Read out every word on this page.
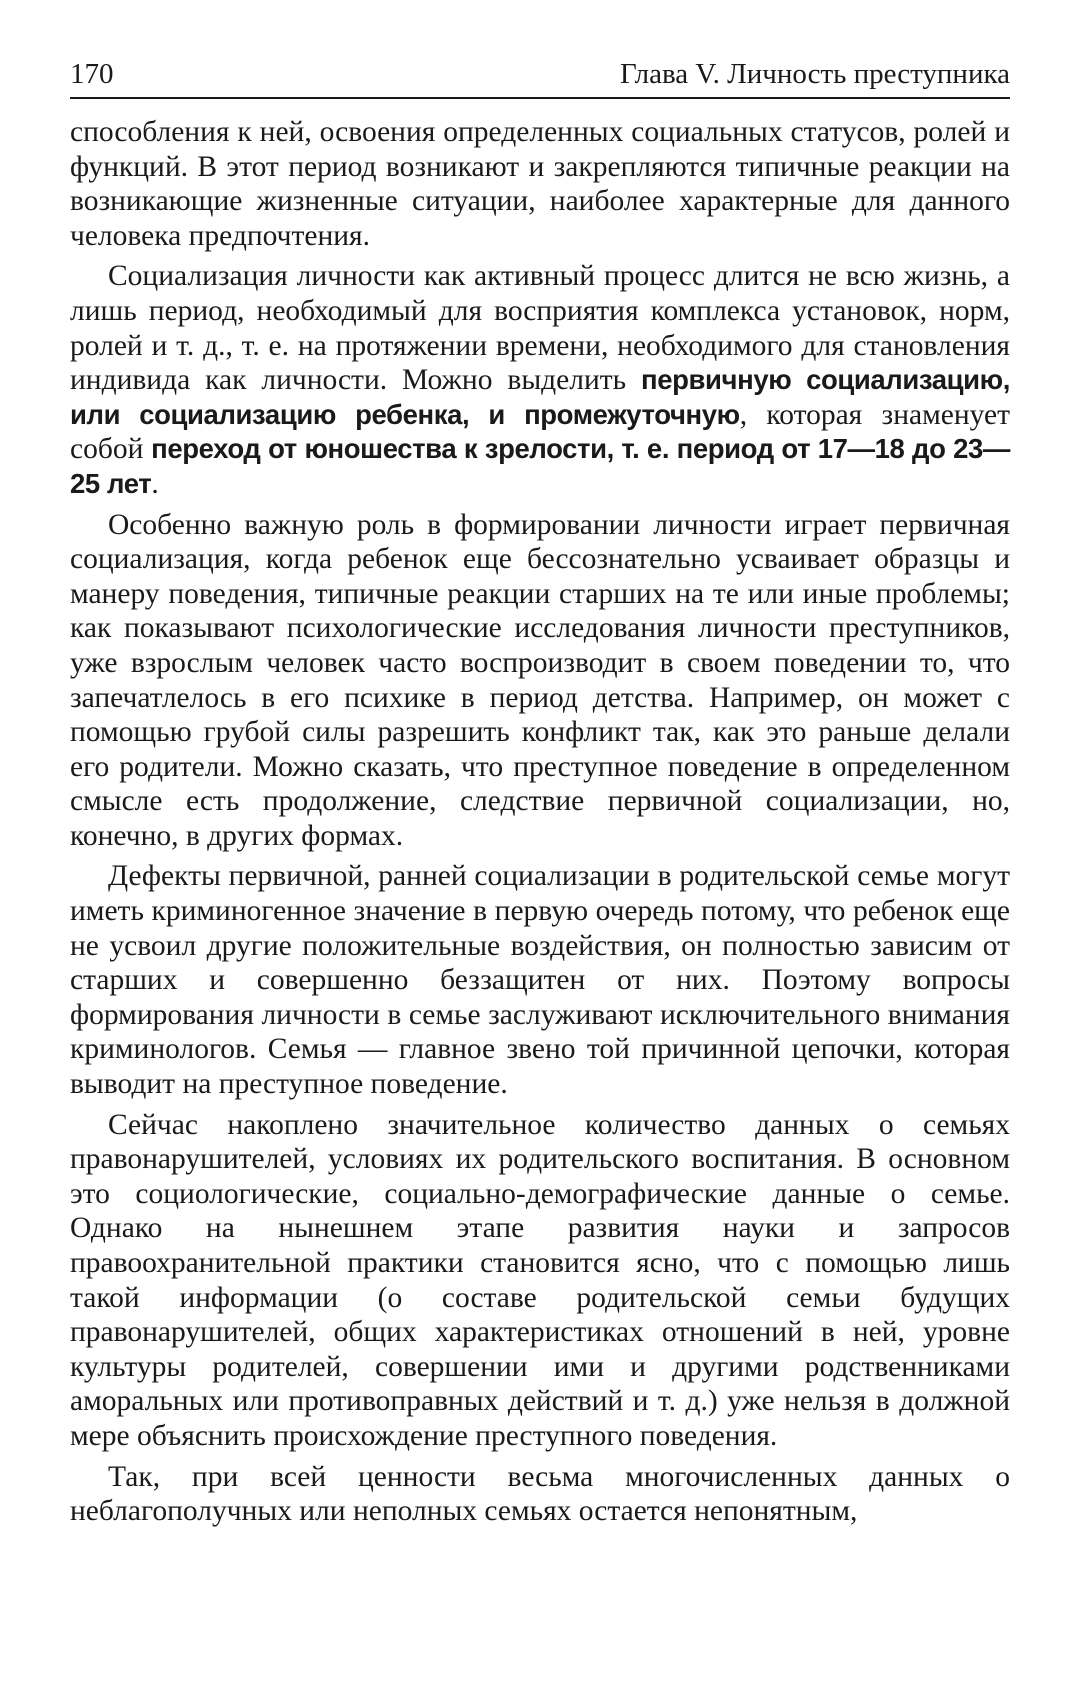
170	Глава V. Личность преступника

способления к ней, освоения определенных социальных статусов, ролей и функций. В этот период возникают и закрепляются типичные реакции на возникающие жизненные ситуации, наиболее характерные для данного человека предпочтения.

Социализация личности как активный процесс длится не всю жизнь, а лишь период, необходимый для восприятия комплекса установок, норм, ролей и т. д., т. е. на протяжении времени, необходимого для становления индивида как личности. Можно выделить первичную социализацию, или социализацию ребенка, и промежуточную, которая знаменует собой переход от юношества к зрелости, т. е. период от 17—18 до 23—25 лет.

Особенно важную роль в формировании личности играет первичная социализация, когда ребенок еще бессознательно усваивает образцы и манеру поведения, типичные реакции старших на те или иные проблемы; как показывают психологические исследования личности преступников, уже взрослым человек часто воспроизводит в своем поведении то, что запечатлелось в его психике в период детства. Например, он может с помощью грубой силы разрешить конфликт так, как это раньше делали его родители. Можно сказать, что преступное поведение в определенном смысле есть продолжение, следствие первичной социализации, но, конечно, в других формах.

Дефекты первичной, ранней социализации в родительской семье могут иметь криминогенное значение в первую очередь потому, что ребенок еще не усвоил другие положительные воздействия, он полностью зависим от старших и совершенно беззащитен от них. Поэтому вопросы формирования личности в семье заслуживают исключительного внимания криминологов. Семья — главное звено той причинной цепочки, которая выводит на преступное поведение.

Сейчас накоплено значительное количество данных о семьях правонарушителей, условиях их родительского воспитания. В основном это социологические, социально-демографические данные о семье. Однако на нынешнем этапе развития науки и запросов правоохранительной практики становится ясно, что с помощью лишь такой информации (о составе родительской семьи будущих правонарушителей, общих характеристиках отношений в ней, уровне культуры родителей, совершении ими и другими родственниками аморальных или противоправных действий и т. д.) уже нельзя в должной мере объяснить происхождение преступного поведения.

Так, при всей ценности весьма многочисленных данных о неблагополучных или неполных семьях остается непонятным,
